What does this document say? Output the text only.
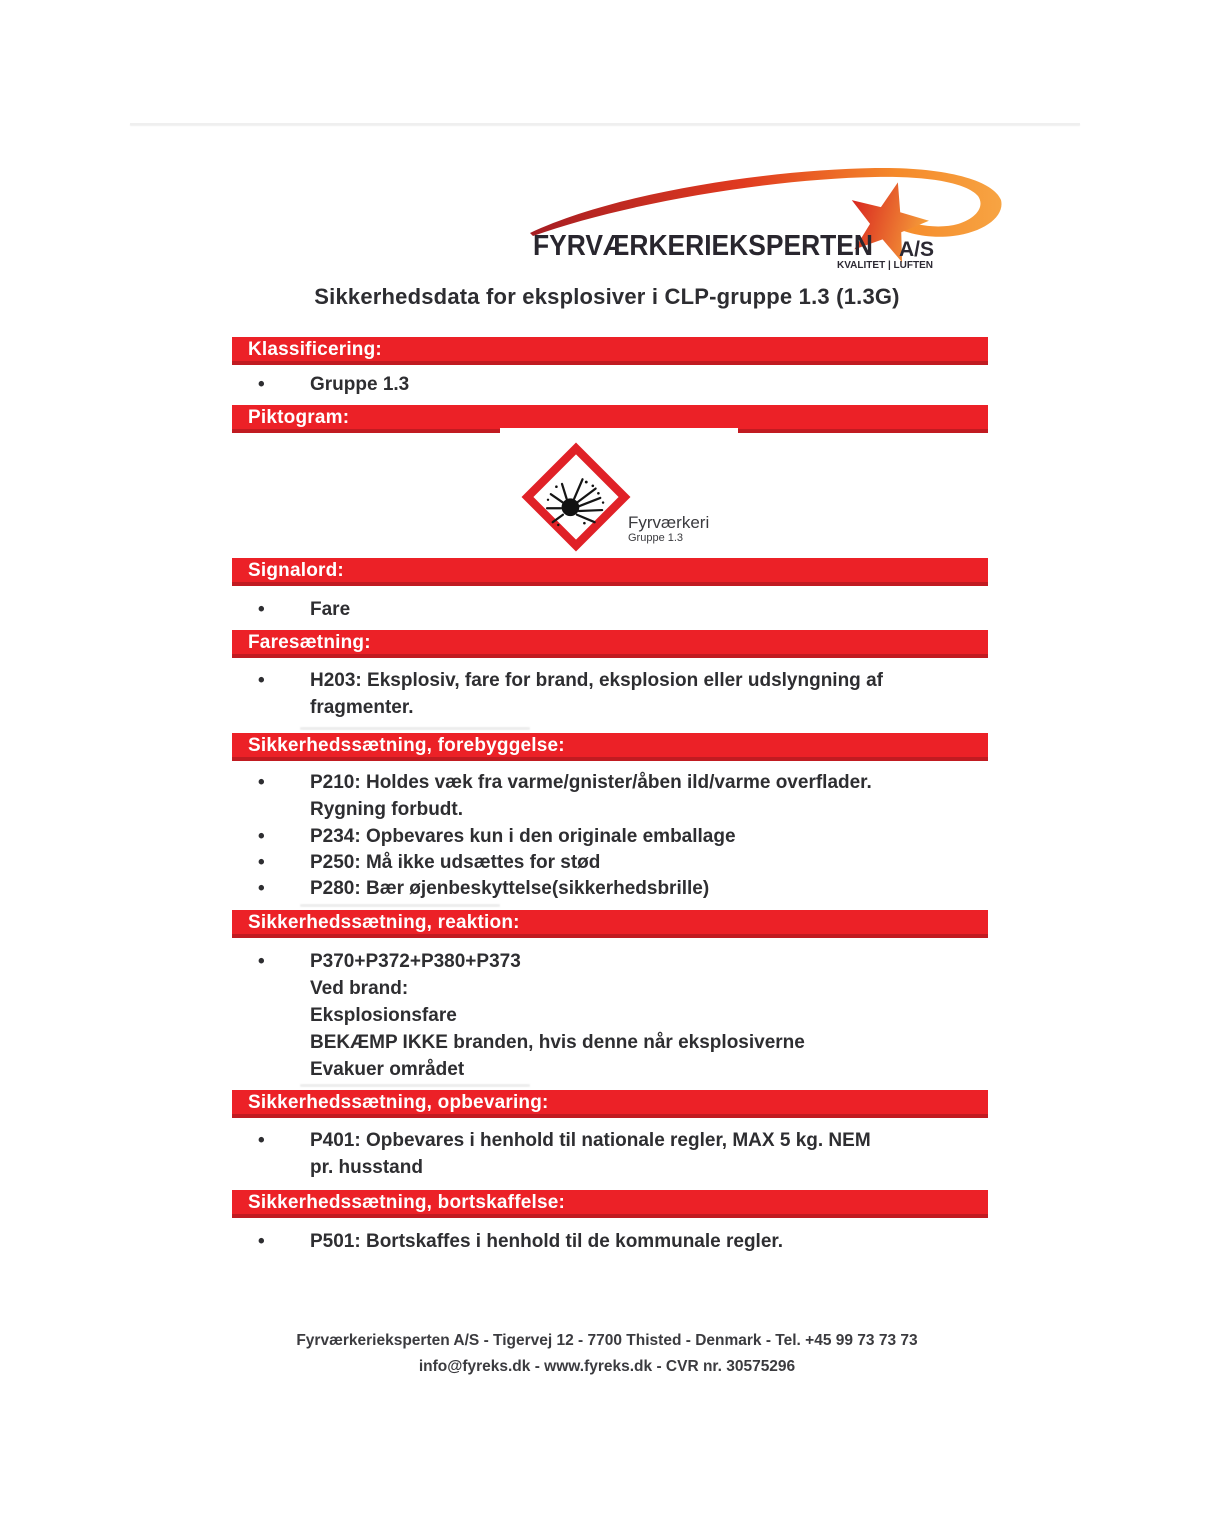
FYRVÆRKERIEKSPERTEN A/S
KVALITET | LUFTEN
Sikkerhedsdata for eksplosiver i CLP-gruppe 1.3 (1.3G)
Klassificering:
•	Gruppe 1.3
Piktogram:
Fyrværkeri
Gruppe 1.3
Signalord:
•	Fare
Faresætning:
•	H203: Eksplosiv, fare for brand, eksplosion eller udslyngning af
fragmenter.
Sikkerhedssætning, forebyggelse:
•	P210: Holdes væk fra varme/gnister/åben ild/varme overflader.
Rygning forbudt.
•	P234: Opbevares kun i den originale emballage
•	P250: Må ikke udsættes for stød
•	P280: Bær øjenbeskyttelse(sikkerhedsbrille)
Sikkerhedssætning, reaktion:
•	P370+P372+P380+P373
Ved brand:
Eksplosionsfare
BEKÆMP IKKE branden, hvis denne når eksplosiverne
Evakuer området
Sikkerhedssætning, opbevaring:
•	P401: Opbevares i henhold til nationale regler, MAX 5 kg. NEM
pr. husstand
Sikkerhedssætning, bortskaffelse:
•	P501: Bortskaffes i henhold til de kommunale regler.
Fyrværkerieksperten A/S - Tigervej 12 - 7700 Thisted - Denmark - Tel. +45 99 73 73 73
info@fyreks.dk - www.fyreks.dk - CVR nr. 30575296
